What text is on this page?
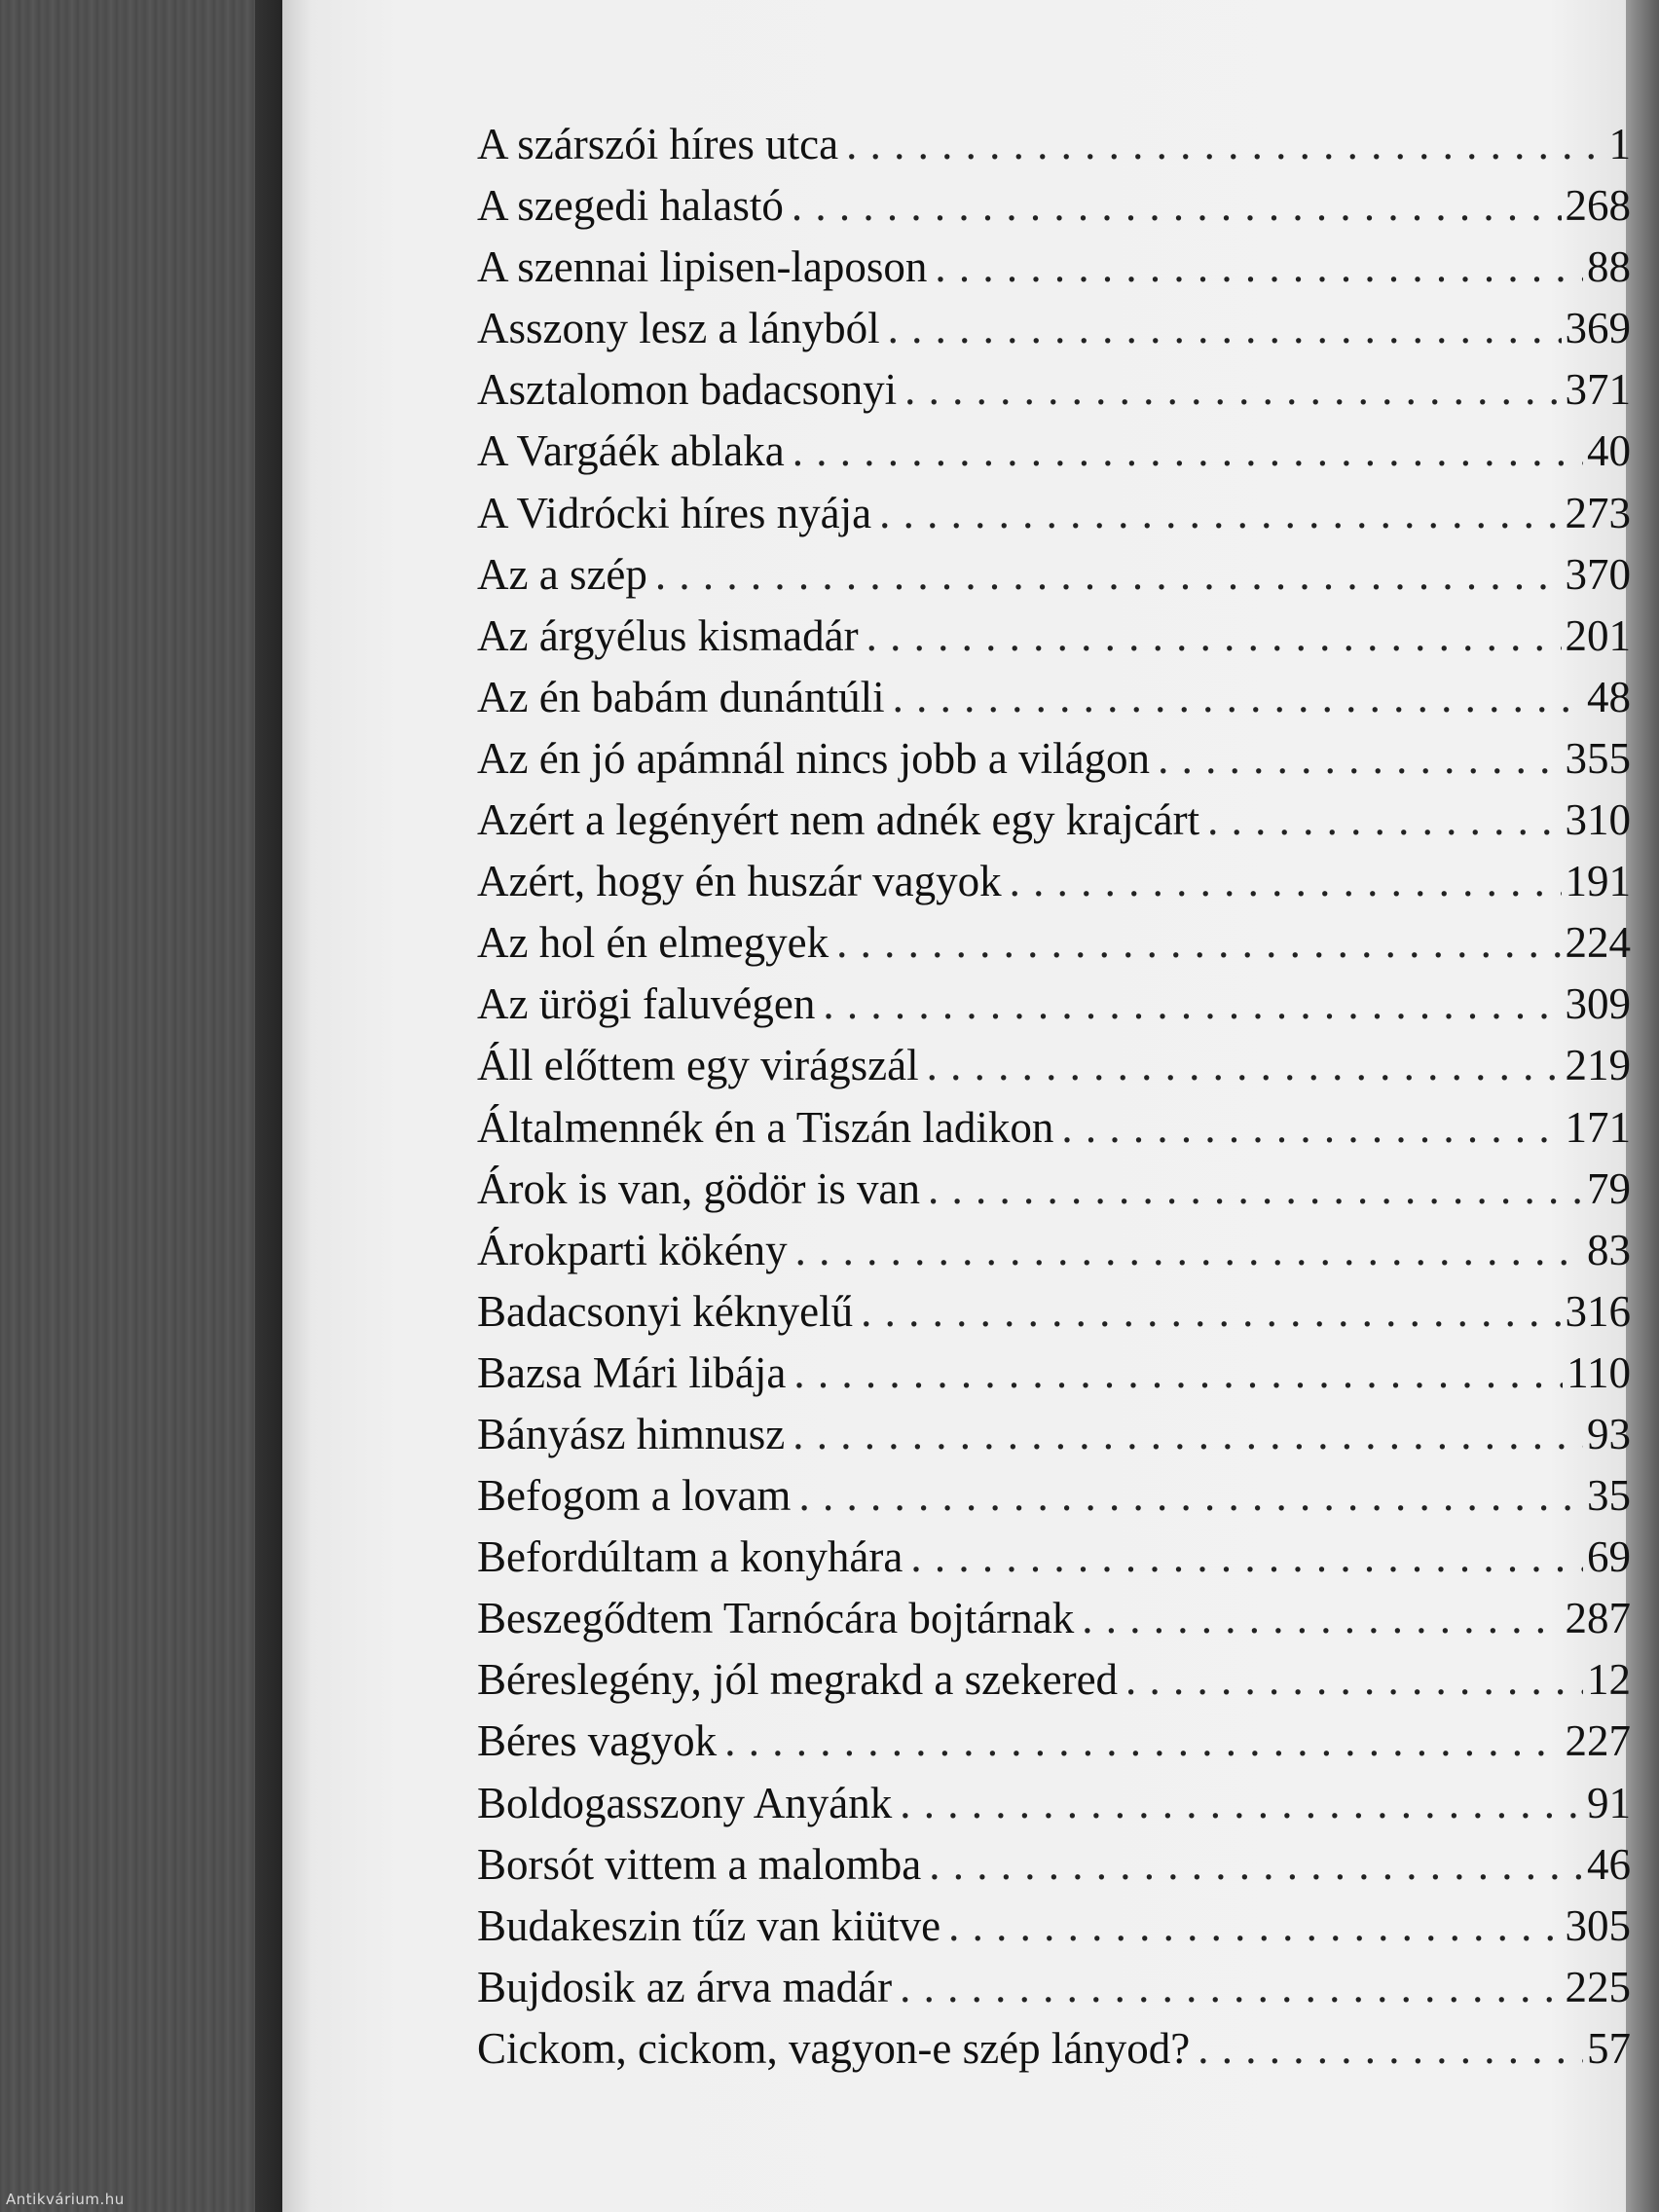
A szárszói híres utca . . .	1
A szegedi halastó . . .	268
A szennai lipisen-laposon . . .	88
Asszony lesz a lányból . . .	369
Asztalomon badacsonyi . . .	371
A Vargáék ablaka . . .	40
A Vidrócki híres nyája . . .	273
Az a szép . . .	370
Az árgyélus kismadár . . .	201
Az én babám dunántúli . . .	48
Az én jó apámnál nincs jobb a világon . . .	355
Azért a legényért nem adnék egy krajcárt . . .	310
Azért, hogy én huszár vagyok . . .	191
Az hol én elmegyek . . .	224
Az ürögi faluvégen . . .	309
Áll előttem egy virágszál . . .	219
Általmennék én a Tiszán ladikon . . .	171
Árok is van, gödör is van . . .	79
Árokparti kökény . . .	83
Badacsonyi kéknyelű . . .	316
Bazsa Mári libája . . .	110
Bányász himnusz . . .	93
Befogom a lovam . . .	35
Befordúltam a konyhára . . .	69
Beszegődtem Tarnócára bojtárnak . . .	287
Béreslegény, jól megrakd a szekered . . .	12
Béres vagyok . . .	227
Boldogasszony Anyánk . . .	91
Borsót vittem a malomba . . .	46
Budakeszin tűz van kiütve . . .	305
Bujdosik az árva madár . . .	225
Cickom, cickom, vagyon-e szép lányod? . . .	57
Antikvárium.hu
